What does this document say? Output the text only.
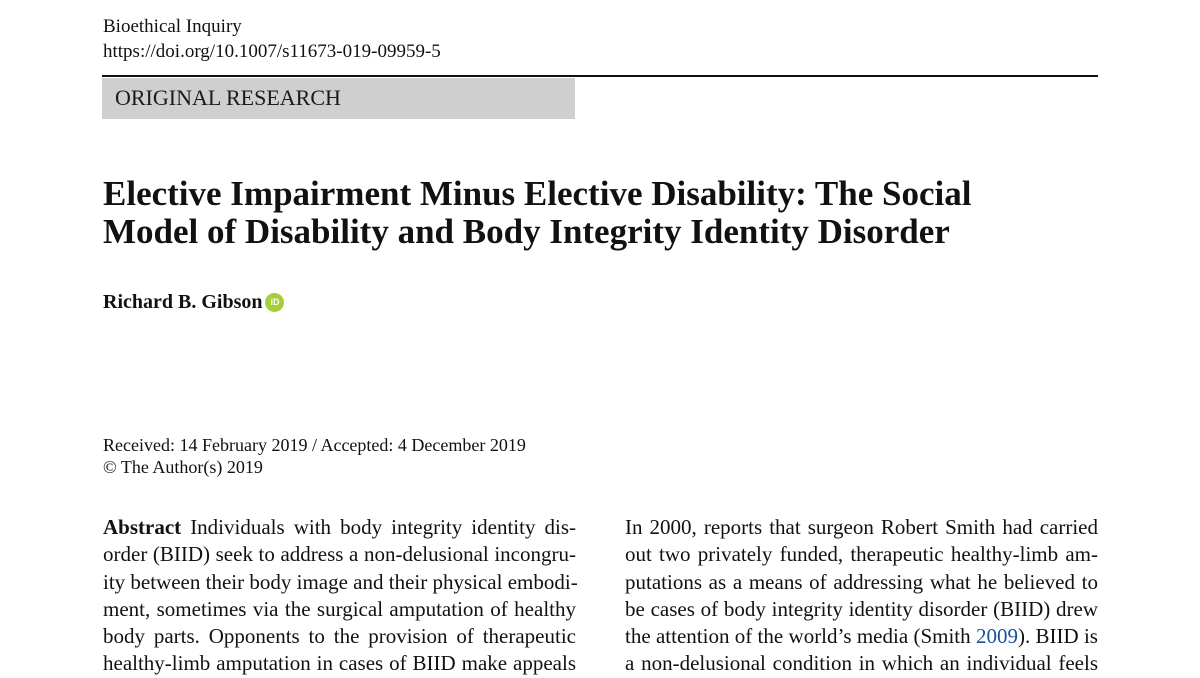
Bioethical Inquiry
https://doi.org/10.1007/s11673-019-09959-5
ORIGINAL RESEARCH
Elective Impairment Minus Elective Disability: The Social
Model of Disability and Body Integrity Identity Disorder
Richard B. Gibson iD
Received: 14 February 2019 / Accepted: 4 December 2019
© The Author(s) 2019
Abstract Individuals with body integrity identity dis-
order (BIID) seek to address a non-delusional incongru-
ity between their body image and their physical embodi-
ment, sometimes via the surgical amputation of healthy
body parts. Opponents to the provision of therapeutic
healthy-limb amputation in cases of BIID make appeals
In 2000, reports that surgeon Robert Smith had carried
out two privately funded, therapeutic healthy-limb am-
putations as a means of addressing what he believed to
be cases of body integrity identity disorder (BIID) drew
the attention of the world’s media (Smith 2009). BIID is
a non-delusional condition in which an individual feels
